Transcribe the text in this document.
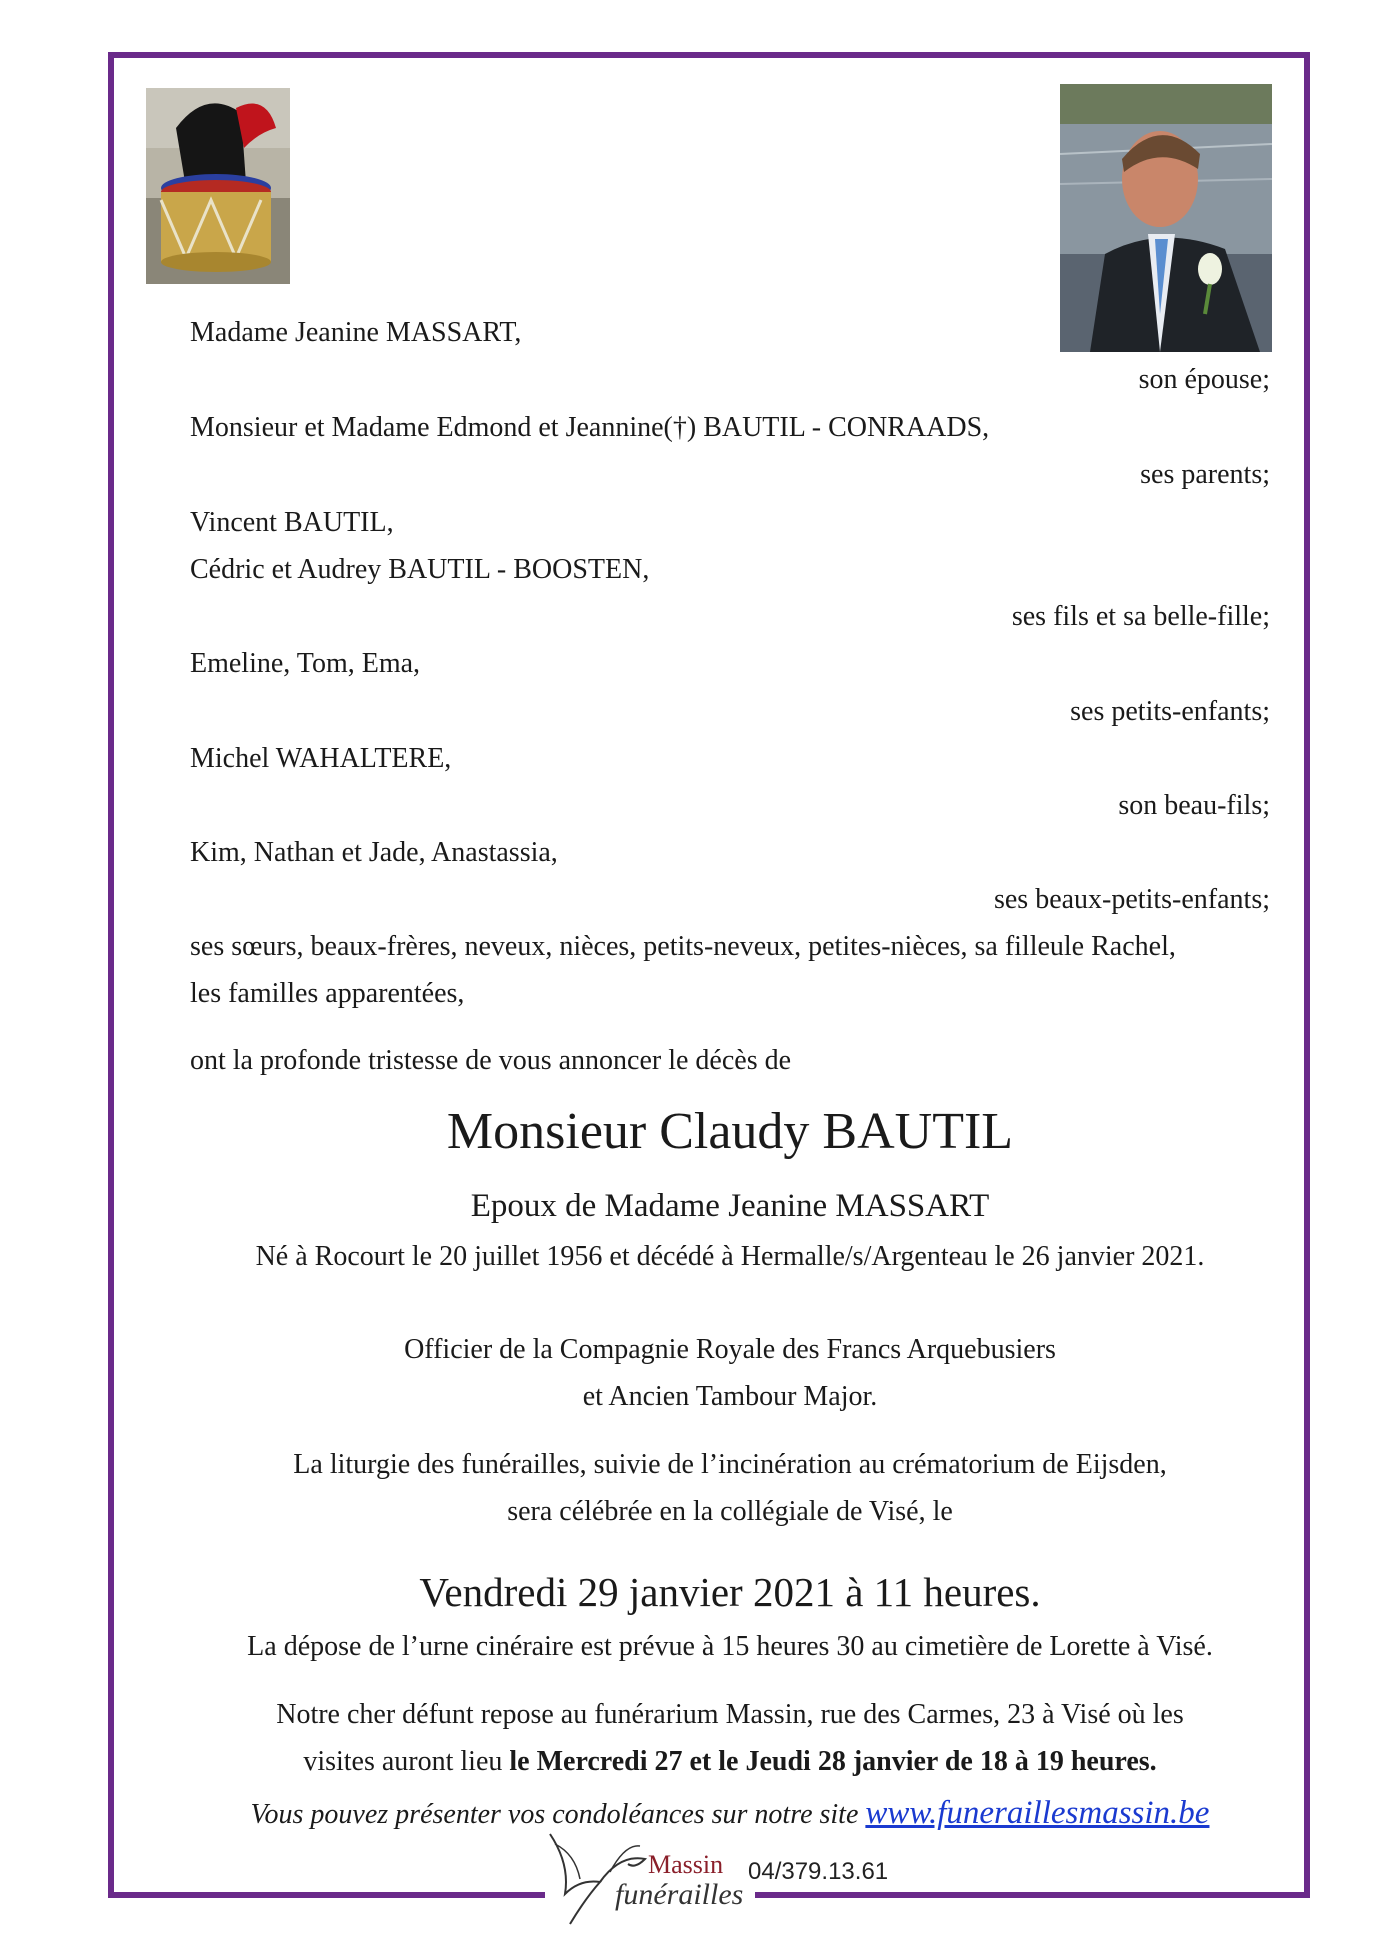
Madame Jeanine MASSART,
son épouse;
Monsieur et Madame Edmond et Jeannine(†) BAUTIL - CONRAADS,
ses parents;
Vincent BAUTIL,
Cédric et Audrey BAUTIL - BOOSTEN,
ses fils et sa belle-fille;
Emeline, Tom, Ema,
ses petits-enfants;
Michel WAHALTERE,
son beau-fils;
Kim, Nathan et Jade, Anastassia,
ses beaux-petits-enfants;
ses sœurs, beaux-frères, neveux, nièces, petits-neveux, petites-nièces, sa filleule Rachel,
les familles apparentées,
ont la profonde tristesse de vous annoncer le décès de
Monsieur Claudy BAUTIL
Epoux de Madame Jeanine MASSART
Né à Rocourt le 20 juillet 1956 et décédé à Hermalle/s/Argenteau le 26 janvier 2021.
Officier de la Compagnie Royale des Francs Arquebusiers
et Ancien Tambour Major.
La liturgie des funérailles, suivie de l’incinération au crématorium de Eijsden,
sera célébrée en la collégiale de Visé, le
Vendredi 29 janvier 2021 à 11 heures.
La dépose de l’urne cinéraire est prévue à 15 heures 30 au cimetière de Lorette à Visé.
Notre cher défunt repose au funérarium Massin, rue des Carmes, 23 à Visé où les
visites auront lieu le Mercredi 27 et le Jeudi 28 janvier de 18 à 19 heures.
Vous pouvez présenter vos condoléances sur notre site www.funeraillesmassin.be
Massin
funérailles
04/379.13.61
